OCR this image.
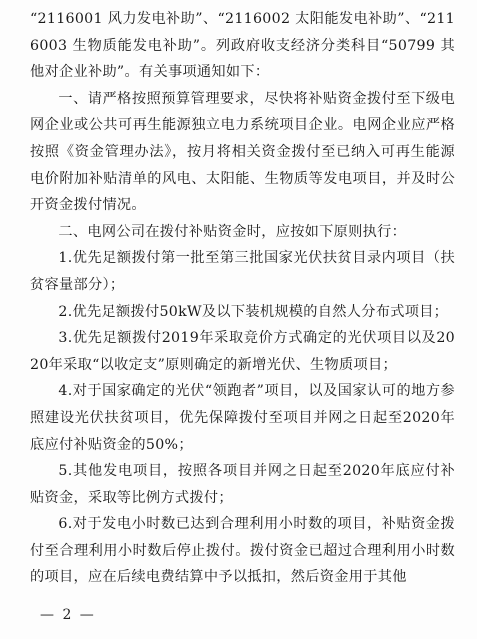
“2116001 风力发电补助”、“2116002 太阳能发电补助”、“2116003 生物质能发电补助”。列政府收支经济分类科目“50799 其他对企业补助”。有关事项通知如下：

一、请严格按照预算管理要求，尽快将补贴资金拨付至下级电网企业或公共可再生能源独立电力系统项目企业。电网企业应严格按照《资金管理办法》，按月将相关资金拨付至已纳入可再生能源电价附加补贴清单的风电、太阳能、生物质等发电项目，并及时公开资金拨付情况。

二、电网公司在拨付补贴资金时，应按如下原则执行：

1.优先足额拨付第一批至第三批国家光伏扶贫目录内项目（扶贫容量部分）；

2.优先足额拨付50kW及以下装机规模的自然人分布式项目；

3.优先足额拨付2019年采取竞价方式确定的光伏项目以及2020年采取“以收定支”原则确定的新增光伏、生物质项目；

4.对于国家确定的光伏“领跑者”项目，以及国家认可的地方参照建设光伏扶贫项目，优先保障拨付至项目并网之日起至2020年底应付补贴资金的50%；

5.其他发电项目，按照各项目并网之日起至2020年底应付补贴资金，采取等比例方式拨付；

6.对于发电小时数已达到合理利用小时数的项目，补贴资金拨付至合理利用小时数后停止拨付。拨付资金已超过合理利用小时数的项目，应在后续电费结算中予以抵扣，然后资金用于其他

— 2 —
